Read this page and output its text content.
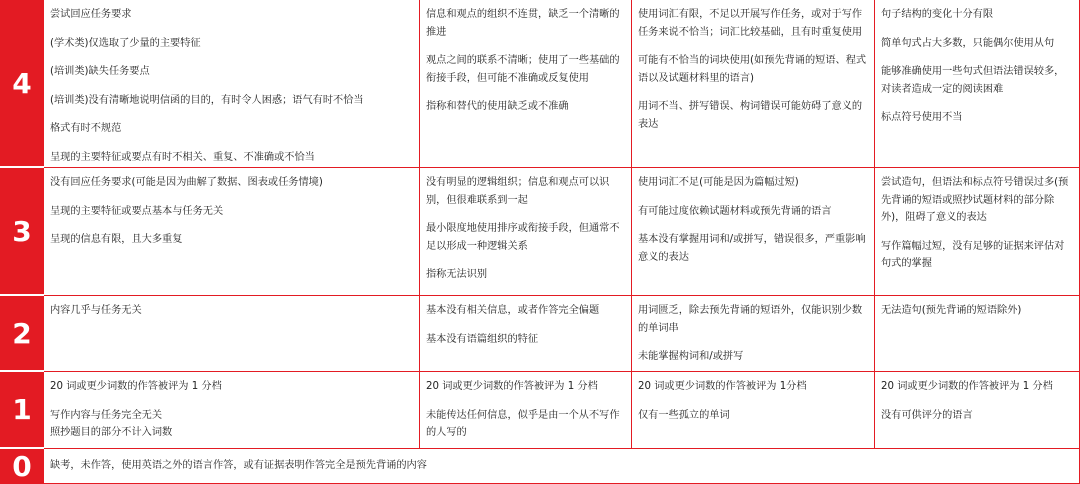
4

尝试回应任务要求

(学术类)仅选取了少量的主要特征

(培训类)缺失任务要点

(培训类)没有清晰地说明信函的目的，有时令人困惑；语气有时不恰当

格式有时不规范

呈现的主要特征或要点有时不相关、重复、不准确或不恰当

信息和观点的组织不连贯，缺乏一个清晰的推进

观点之间的联系不清晰；使用了一些基础的衔接手段，但可能不准确或反复使用

指称和替代的使用缺乏或不准确

使用词汇有限，不足以开展写作任务，或对于写作任务来说不恰当；词汇比较基础，且有时重复使用

可能有不恰当的词块使用(如预先背诵的短语、程式语以及试题材料里的语言)

用词不当、拼写错误、构词错误可能妨碍了意义的表达

句子结构的变化十分有限

简单句式占大多数，只能偶尔使用从句

能够准确使用一些句式但语法错误较多，对读者造成一定的阅读困难

标点符号使用不当

3

没有回应任务要求(可能是因为曲解了数据、图表或任务情境)

呈现的主要特征或要点基本与任务无关

呈现的信息有限，且大多重复

没有明显的逻辑组织；信息和观点可以识别，但很难联系到一起

最小限度地使用排序或衔接手段，但通常不足以形成一种逻辑关系

指称无法识别

使用词汇不足(可能是因为篇幅过短)

有可能过度依赖试题材料或预先背诵的语言

基本没有掌握用词和/或拼写，错误很多，严重影响意义的表达

尝试造句，但语法和标点符号错误过多(预先背诵的短语或照抄试题材料的部分除外)，阻碍了意义的表达

写作篇幅过短，没有足够的证据来评估对句式的掌握

2

内容几乎与任务无关	基本没有相关信息，或者作答完全偏题

基本没有语篇组织的特征

用词匮乏，除去预先背诵的短语外，仅能识别少数的单词串

未能掌握构词和/或拼写

无法造句(预先背诵的短语除外)

1

20 词或更少词数的作答被评为 1 分档

写作内容与任务完全无关
照抄题目的部分不计入词数

20 词或更少词数的作答被评为 1 分档

未能传达任何信息，似乎是由一个从不写作的人写的

20 词或更少词数的作答被评为 1分档

仅有一些孤立的单词

20 词或更少词数的作答被评为 1 分档

没有可供评分的语言

0	缺考，未作答，使用英语之外的语言作答，或有证据表明作答完全是预先背诵的内容
